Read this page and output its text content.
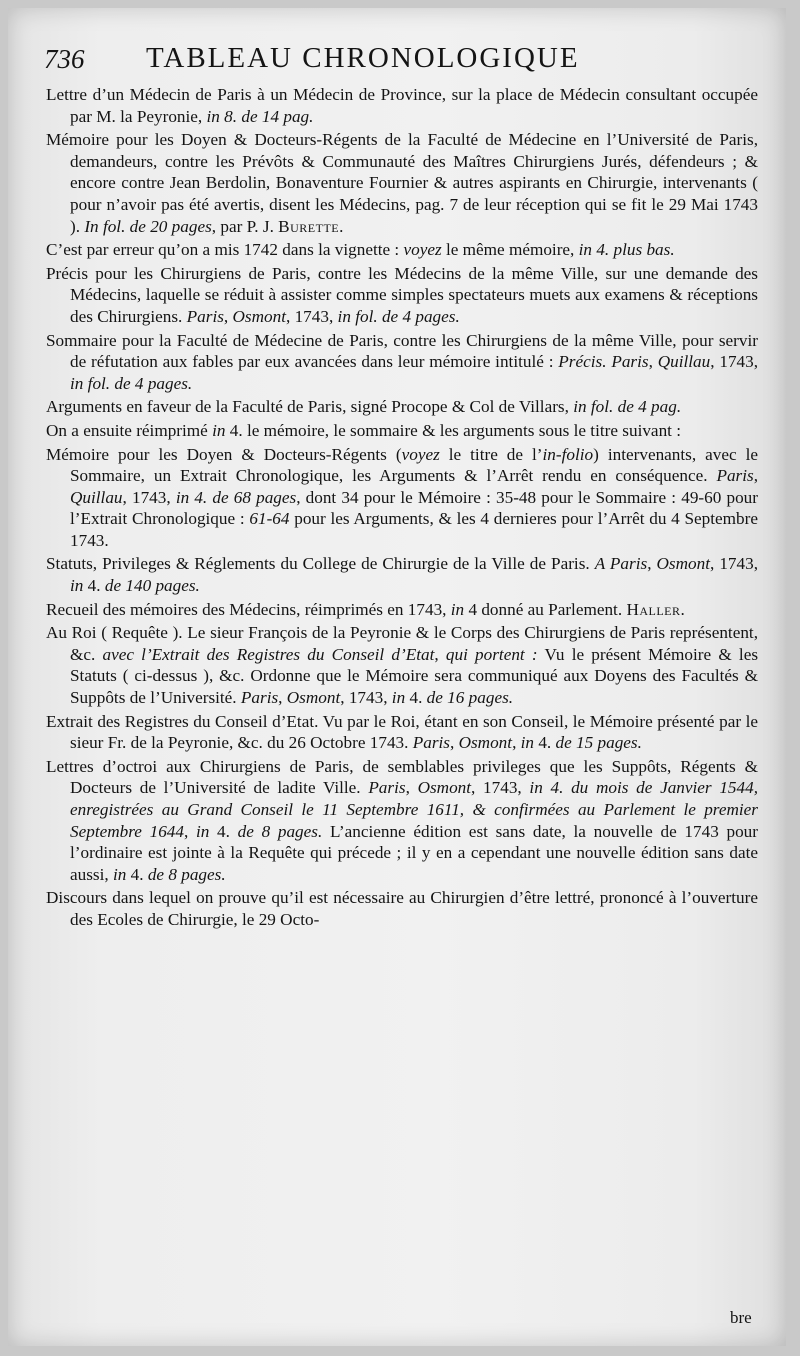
736 TABLEAU CHRONOLOGIQUE

Lettre d’un Médecin de Paris à un Médecin de Province, sur la place de Médecin consultant occupée par M. la Peyronie, in 8. de 14 pag.

Mémoire pour les Doyen & Docteurs-Régents de la Faculté de Médecine en l’Université de Paris, demandeurs, contre les Prévôts & Communauté des Maîtres Chirurgiens Jurés, défendeurs ; & encore contre Jean Berdolin, Bonaventure Fournier & autres aspirants en Chirurgie, intervenants ( pour n’avoir pas été avertis, disent les Médecins, pag. 7 de leur réception qui se fit le 29 Mai 1743 ). In fol. de 20 pages, par P. J. Burette.

C’est par erreur qu’on a mis 1742 dans la vignette : voyez le même mémoire, in 4. plus bas.

Précis pour les Chirurgiens de Paris, contre les Médecins de la même Ville, sur une demande des Médecins, laquelle se réduit à assister comme simples spectateurs muets aux examens & réceptions des Chirurgiens. Paris, Osmont, 1743, in fol. de 4 pages.

Sommaire pour la Faculté de Médecine de Paris, contre les Chirurgiens de la même Ville, pour servir de réfutation aux fables par eux avancées dans leur mémoire intitulé : Précis. Paris, Quillau, 1743, in fol. de 4 pages.

Arguments en faveur de la Faculté de Paris, signé Procope & Col de Villars, in fol. de 4 pag.

On a ensuite réimprimé in 4. le mémoire, le sommaire & les arguments sous le titre suivant :

Mémoire pour les Doyen & Docteurs-Régents (voyez le titre de l’in-folio) intervenants, avec le Sommaire, un Extrait Chronologique, les Arguments & l’Arrêt rendu en conséquence. Paris, Quillau, 1743, in 4. de 68 pages, dont 34 pour le Mémoire : 35-48 pour le Sommaire : 49-60 pour l’Extrait Chronologique : 61-64 pour les Arguments, & les 4 dernieres pour l’Arrêt du 4 Septembre 1743.

Statuts, Privileges & Réglements du College de Chirurgie de la Ville de Paris. A Paris, Osmont, 1743, in 4. de 140 pages.

Recueil des mémoires des Médecins, réimprimés en 1743, in 4 donné au Parlement. Haller.

Au Roi ( Requête ). Le sieur François de la Peyronie & le Corps des Chirurgiens de Paris représentent, &c. avec l’Extrait des Registres du Conseil d’Etat, qui portent : Vu le présent Mémoire & les Statuts ( ci-dessus ), &c. Ordonne que le Mémoire sera communiqué aux Doyens des Facultés & Suppôts de l’Université. Paris, Osmont, 1743, in 4. de 16 pages.

Extrait des Registres du Conseil d’Etat. Vu par le Roi, étant en son Conseil, le Mémoire présenté par le sieur Fr. de la Peyronie, &c. du 26 Octobre 1743. Paris, Osmont, in 4. de 15 pages.

Lettres d’octroi aux Chirurgiens de Paris, de semblables privileges que les Suppôts, Régents & Docteurs de l’Université de ladite Ville. Paris, Osmont, 1743, in 4. du mois de Janvier 1544, enregistrées au Grand Conseil le 11 Septembre 1611, & confirmées au Parlement le premier Septembre 1644, in 4. de 8 pages. L’ancienne édition est sans date, la nouvelle de 1743 pour l’ordinaire est jointe à la Requête qui précede ; il y en a cependant une nouvelle édition sans date aussi, in 4. de 8 pages.

Discours dans lequel on prouve qu’il est nécessaire au Chirurgien d’être lettré, prononcé à l’ouverture des Ecoles de Chirurgie, le 29 Octo-

bre
